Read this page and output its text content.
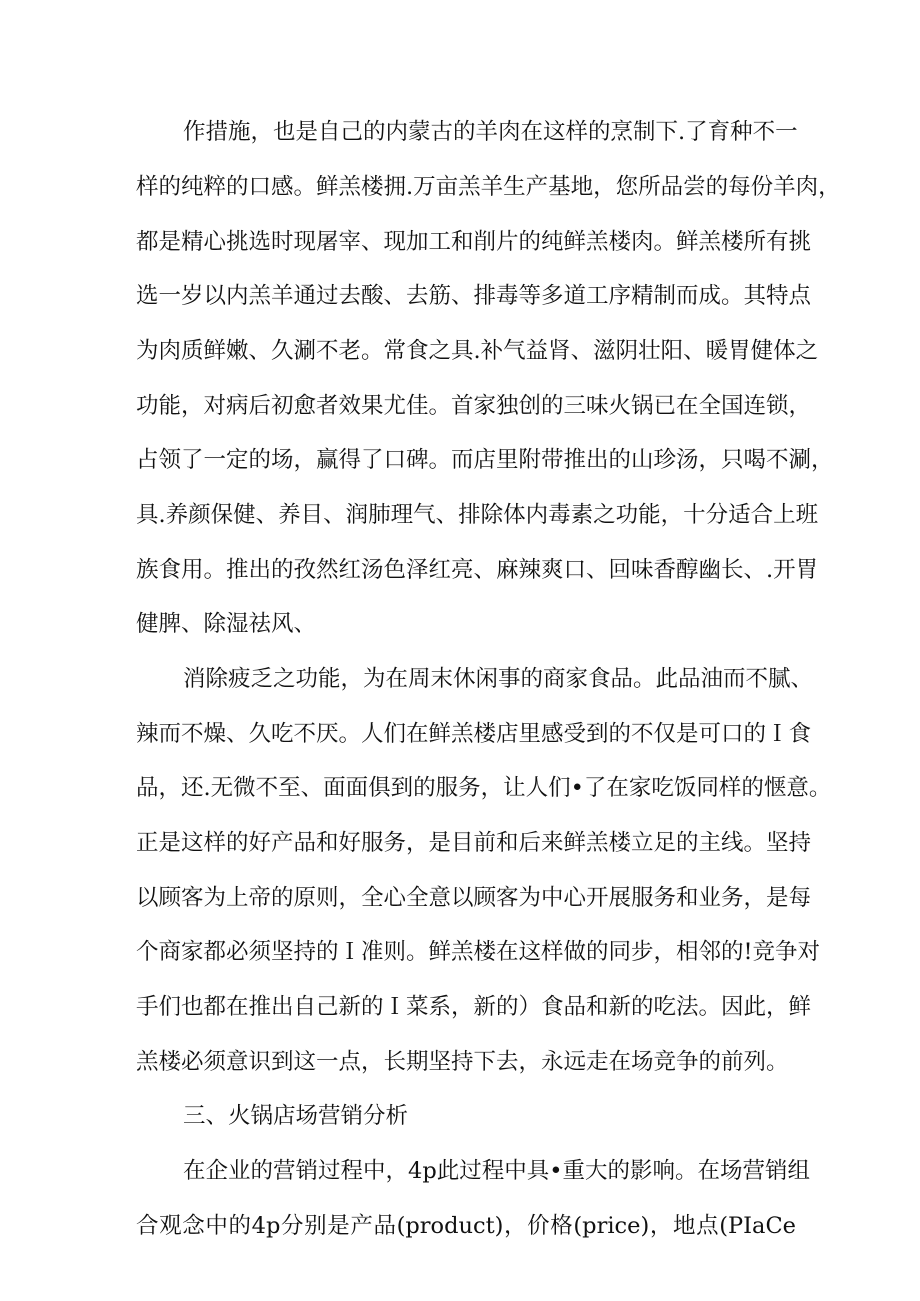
作措施，也是自己的内蒙古的羊肉在这样的烹制下.了育种不一
样的纯粹的口感。鲜羔楼拥.万亩羔羊生产基地，您所品尝的每份羊肉，
都是精心挑选时现屠宰、现加工和削片的纯鲜羔楼肉。鲜羔楼所有挑
选一岁以内羔羊通过去酸、去筋、排毒等多道工序精制而成。其特点
为肉质鲜嫩、久涮不老。常食之具.补气益肾、滋阴壮阳、暖胃健体之
功能，对病后初愈者效果尤佳。首家独创的三味火锅已在全国连锁，
占领了一定的场，赢得了口碑。而店里附带推出的山珍汤，只喝不涮，
具.养颜保健、养目、润肺理气、排除体内毒素之功能，十分适合上班
族食用。推出的孜然红汤色泽红亮、麻辣爽口、回味香醇幽长、.开胃
健脾、除湿祛风、
消除疲乏之功能，为在周末休闲事的商家食品。此品油而不腻、
辣而不燥、久吃不厌。人们在鲜羔楼店里感受到的不仅是可口的Ｉ食
品，还.无微不至、面面俱到的服务，让人们•了在家吃饭同样的惬意。
正是这样的好产品和好服务，是目前和后来鲜羔楼立足的主线。坚持
以顾客为上帝的原则，全心全意以顾客为中心开展服务和业务，是每
个商家都必须坚持的Ｉ准则。鲜羔楼在这样做的同步，相邻的!竞争对
手们也都在推出自己新的Ｉ菜系，新的）食品和新的吃法。因此，鲜
羔楼必须意识到这一点，长期坚持下去，永远走在场竞争的前列。
三、火锅店场营销分析
在企业的营销过程中，4p此过程中具•重大的影响。在场营销组
合观念中的4p分别是产品(product)，价格(price)，地点(PIaCe
